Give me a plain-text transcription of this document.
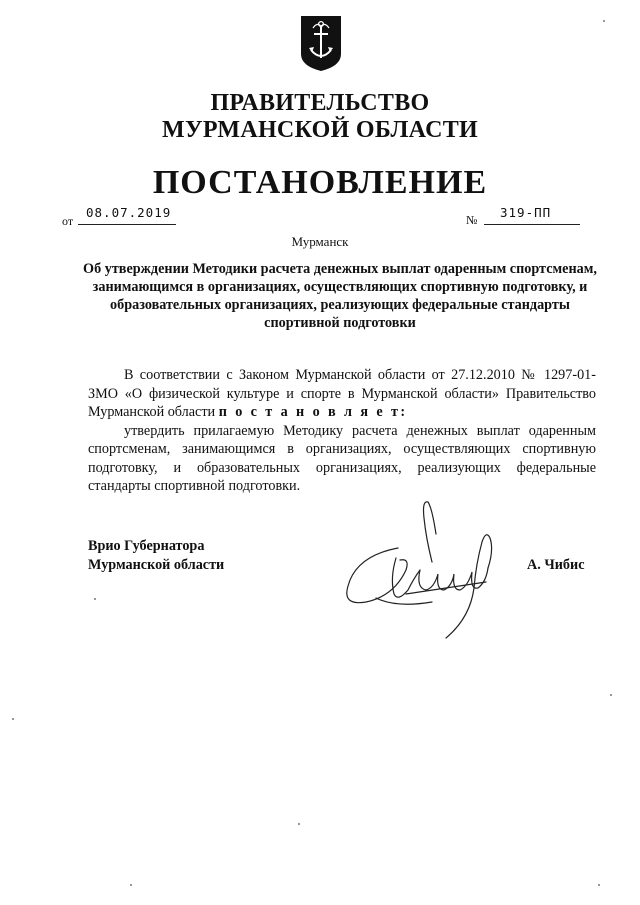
ПРАВИТЕЛЬСТВО
МУРМАНСКОЙ ОБЛАСТИ
ПОСТАНОВЛЕНИЕ
от
08.07.2019	№ 319-ПП
Мурманск
Об утверждении Методики расчета денежных выплат одаренным спортсменам, занимающимся в организациях, осуществляющих спортивную подготовку, и образовательных организациях, реализующих федеральные стандарты спортивной подготовки

В соответствии с Законом Мурманской области от 27.12.2010 № 1297-01-ЗМО «О физической культуре и спорте в Мурманской области» Правительство Мурманской области п о с т а н о в л я е т:

утвердить прилагаемую Методику расчета денежных выплат одаренным спортсменам, занимающимся в организациях, осуществляющих спортивную подготовку, и образовательных организациях, реализующих федеральные стандарты спортивной подготовки.

Врио Губернатора
Мурманской области	А. Чибис
